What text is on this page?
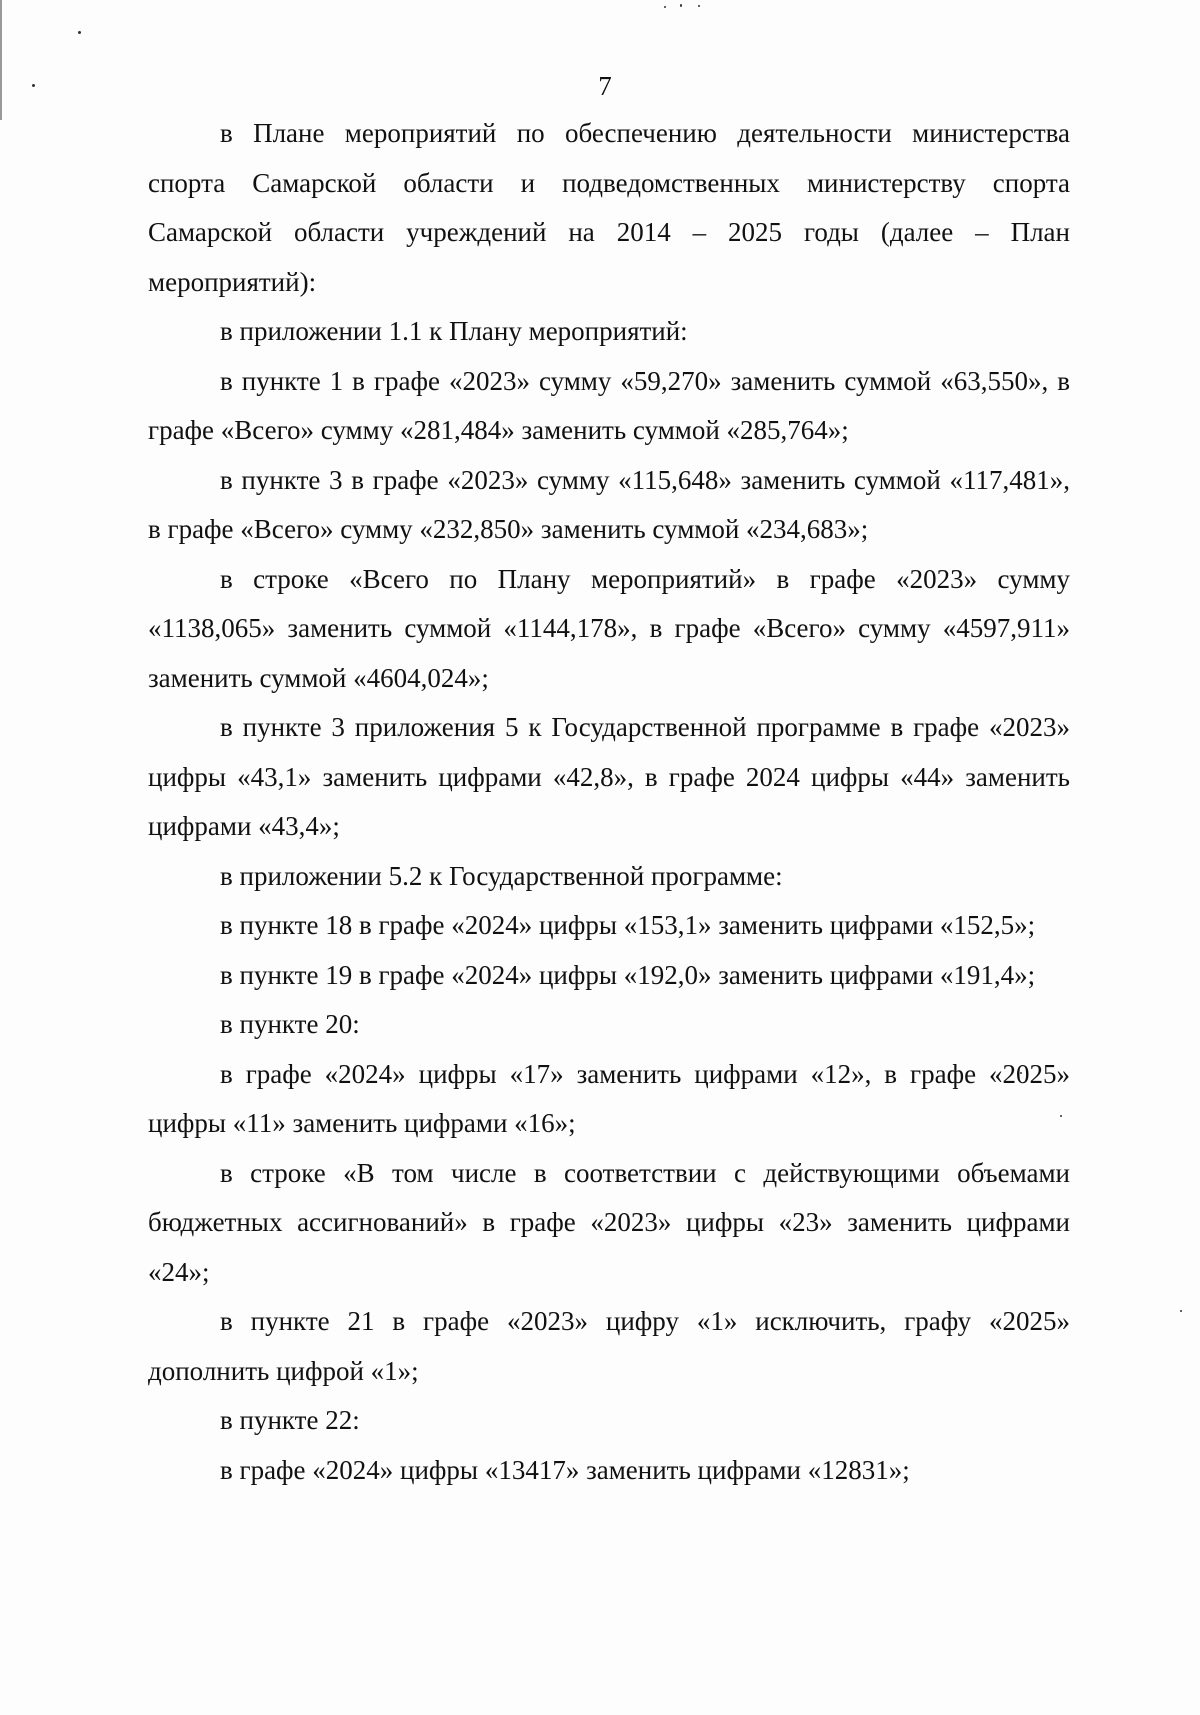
7

в Плане мероприятий по обеспечению деятельности министерства спорта Самарской области и подведомственных министерству спорта Самарской области учреждений на 2014 – 2025 годы (далее – План мероприятий):

в приложении 1.1 к Плану мероприятий:

в пункте 1 в графе «2023» сумму «59,270» заменить суммой «63,550», в графе «Всего» сумму «281,484» заменить суммой «285,764»;

в пункте 3 в графе «2023» сумму «115,648» заменить суммой «117,481», в графе «Всего» сумму «232,850» заменить суммой «234,683»;

в строке «Всего по Плану мероприятий» в графе «2023» сумму «1138,065» заменить суммой «1144,178», в графе «Всего» сумму «4597,911» заменить суммой «4604,024»;

в пункте 3 приложения 5 к Государственной программе в графе «2023» цифры «43,1» заменить цифрами «42,8», в графе 2024 цифры «44» заменить цифрами «43,4»;

в приложении 5.2 к Государственной программе:

в пункте 18 в графе «2024» цифры «153,1» заменить цифрами «152,5»;

в пункте 19 в графе «2024» цифры «192,0» заменить цифрами «191,4»;

в пункте 20:

в графе «2024» цифры «17» заменить цифрами «12», в графе «2025» цифры «11» заменить цифрами «16»;

в строке «В том числе в соответствии с действующими объемами бюджетных ассигнований» в графе «2023» цифры «23» заменить цифрами «24»;

в пункте 21 в графе «2023» цифру «1» исключить, графу «2025» дополнить цифрой «1»;

в пункте 22:

в графе «2024» цифры «13417» заменить цифрами «12831»;
